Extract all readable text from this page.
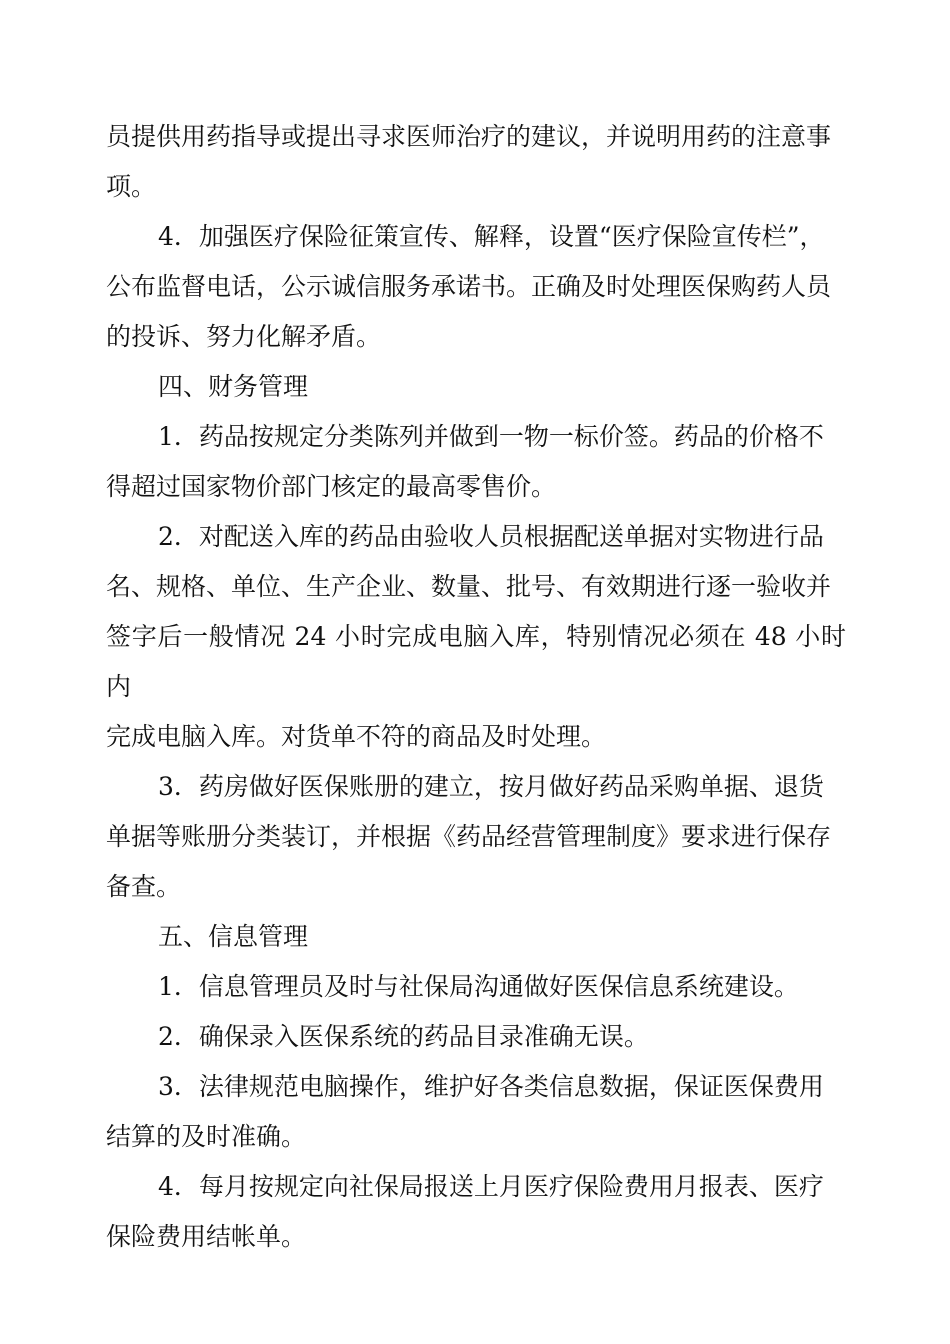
员提供用药指导或提出寻求医师治疗的建议，并说明用药的注意事
项。

4．加强医疗保险征策宣传、解释，设置“医疗保险宣传栏”，
公布监督电话，公示诚信服务承诺书。正确及时处理医保购药人员
的投诉、努力化解矛盾。

四、财务管理

1．药品按规定分类陈列并做到一物一标价签。药品的价格不
得超过国家物价部门核定的最高零售价。

2．对配送入库的药品由验收人员根据配送单据对实物进行品
名、规格、单位、生产企业、数量、批号、有效期进行逐一验收并
签字后一般情况 24 小时完成电脑入库，特别情况必须在 48 小时内
完成电脑入库。对货单不符的商品及时处理。

3．药房做好医保账册的建立，按月做好药品采购单据、退货
单据等账册分类装订，并根据《药品经营管理制度》要求进行保存
备查。

五、信息管理

1．信息管理员及时与社保局沟通做好医保信息系统建设。

2．确保录入医保系统的药品目录准确无误。

3．法律规范电脑操作，维护好各类信息数据，保证医保费用
结算的及时准确。

4．每月按规定向社保局报送上月医疗保险费用月报表、医疗
保险费用结帐单。
